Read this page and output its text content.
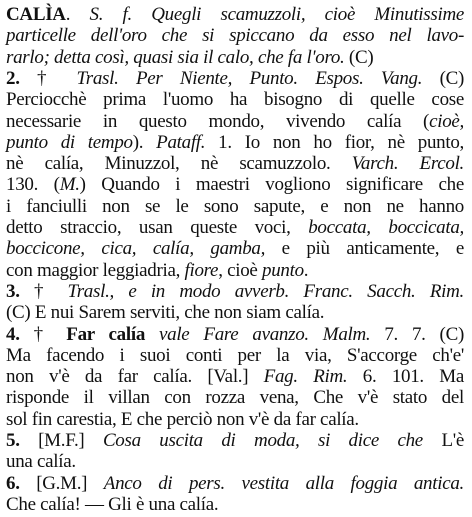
CALÌA. S. f. Quegli scamuzzoli, cioè Minutissime
particelle dell'oro che si spiccano da esso nel lavo-
rarlo; detta così, quasi sia il calo, che fa l'oro. (C)
2. † Trasl. Per Niente, Punto. Espos. Vang. (C)
Perciocchè prima l'uomo ha bisogno di quelle cose
necessarie in questo mondo, vivendo calía (cioè,
punto di tempo). Pataff. 1. Io non ho fior, nè punto,
nè calía, Minuzzol, nè scamuzzolo. Varch. Ercol.
130. (M.) Quando i maestri vogliono significare che
i fanciulli non se le sono sapute, e non ne hanno
detto straccio, usan queste voci, boccata, boccicata,
boccicone, cica, calía, gamba, e più anticamente, e
con maggior leggiadria, fiore, cioè punto.
3. † Trasl., e in modo avverb. Franc. Sacch. Rim.
(C) E nui Sarem serviti, che non siam calía.
4. † Far calía vale Fare avanzo. Malm. 7. 7. (C)
Ma facendo i suoi conti per la via, S'accorge ch'e'
non v'è da far calía. [Val.] Fag. Rim. 6. 101. Ma
risponde il villan con rozza vena, Che v'è stato del
sol fin carestia, E che perciò non v'è da far calía.
5. [M.F.] Cosa uscita di moda, si dice che L'è
una calía.
6. [G.M.] Anco di pers. vestita alla foggia antica.
Che calía! — Gli è una calía.
